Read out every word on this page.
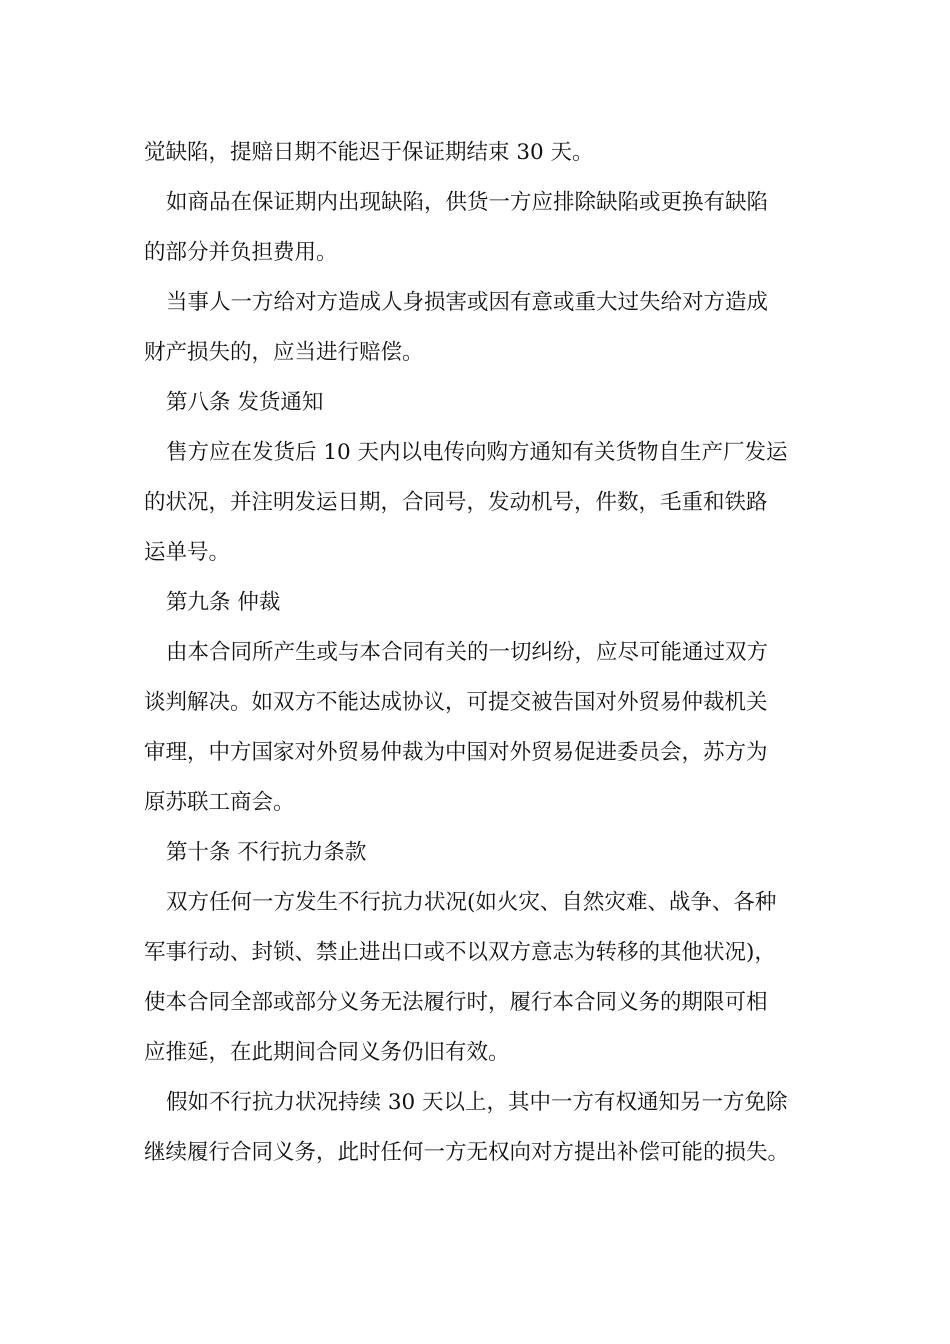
觉缺陷，提赔日期不能迟于保证期结束 30 天。
如商品在保证期内出现缺陷，供货一方应排除缺陷或更换有缺陷
的部分并负担费用。
当事人一方给对方造成人身损害或因有意或重大过失给对方造成
财产损失的，应当进行赔偿。
第八条 发货通知
售方应在发货后 10 天内以电传向购方通知有关货物自生产厂发运
的状况，并注明发运日期，合同号，发动机号，件数，毛重和铁路
运单号。
第九条 仲裁
由本合同所产生或与本合同有关的一切纠纷，应尽可能通过双方
谈判解决。如双方不能达成协议，可提交被告国对外贸易仲裁机关
审理，中方国家对外贸易仲裁为中国对外贸易促进委员会，苏方为
原苏联工商会。
第十条 不行抗力条款
双方任何一方发生不行抗力状况(如火灾、自然灾难、战争、各种
军事行动、封锁、禁止进出口或不以双方意志为转移的其他状况)，
使本合同全部或部分义务无法履行时，履行本合同义务的期限可相
应推延，在此期间合同义务仍旧有效。
假如不行抗力状况持续 30 天以上，其中一方有权通知另一方免除
继续履行合同义务，此时任何一方无权向对方提出补偿可能的损失。
